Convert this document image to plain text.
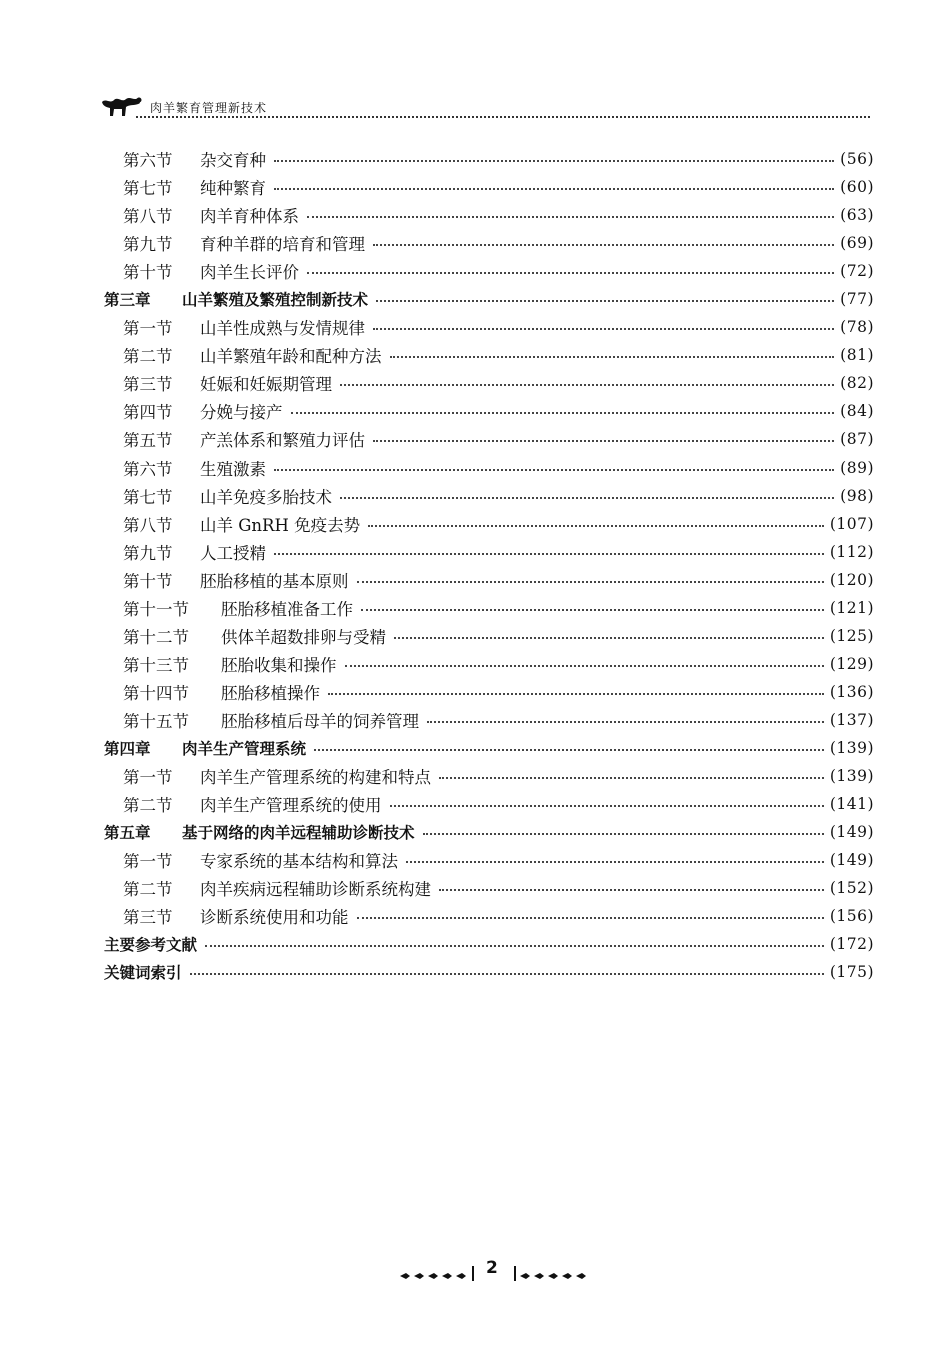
肉羊繁育管理新技术
第六节	杂交育种	(56)
第七节	纯种繁育	(60)
第八节	肉羊育种体系	(63)
第九节	育种羊群的培育和管理	(69)
第十节	肉羊生长评价	(72)
第三章	山羊繁殖及繁殖控制新技术	(77)
第一节	山羊性成熟与发情规律	(78)
第二节	山羊繁殖年龄和配种方法	(81)
第三节	妊娠和妊娠期管理	(82)
第四节	分娩与接产	(84)
第五节	产羔体系和繁殖力评估	(87)
第六节	生殖激素	(89)
第七节	山羊免疫多胎技术	(98)
第八节	山羊 GnRH 免疫去势	(107)
第九节	人工授精	(112)
第十节	胚胎移植的基本原则	(120)
第十一节	胚胎移植准备工作	(121)
第十二节	供体羊超数排卵与受精	(125)
第十三节	胚胎收集和操作	(129)
第十四节	胚胎移植操作	(136)
第十五节	胚胎移植后母羊的饲养管理	(137)
第四章	肉羊生产管理系统	(139)
第一节	肉羊生产管理系统的构建和特点	(139)
第二节	肉羊生产管理系统的使用	(141)
第五章	基于网络的肉羊远程辅助诊断技术	(149)
第一节	专家系统的基本结构和算法	(149)
第二节	肉羊疾病远程辅助诊断系统构建	(152)
第三节	诊断系统使用和功能	(156)
主要参考文献	(172)
关键词索引	(175)
2
